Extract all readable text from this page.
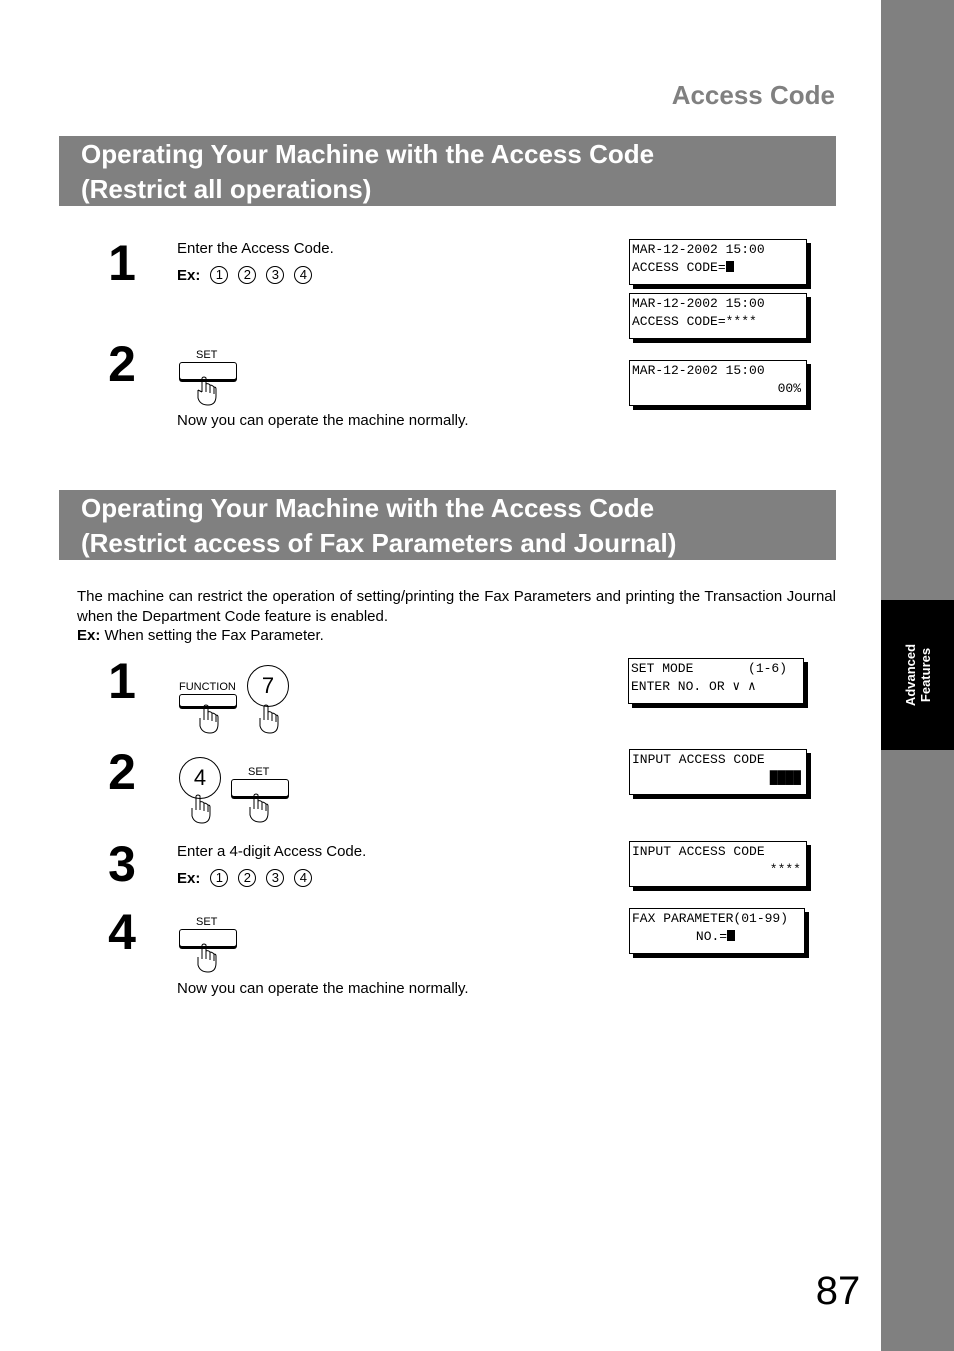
Advanced
Features
87
Access Code
Operating Your Machine with the Access Code
(Restrict all operations)
1	Enter the Access Code.
Ex:	1	2	3	4
MAR-12-2002 15:00
ACCESS CODE=
MAR-12-2002 15:00
ACCESS CODE=****
2	SET
MAR-12-2002 15:00
00%
Now you can operate the machine normally.
Operating Your Machine with the Access Code
(Restrict access of Fax Parameters and Journal)
The machine can restrict the operation of setting/printing the Fax Parameters and printing the Transaction Journal when the Department Code feature is enabled.
Ex: When setting the Fax Parameter.
1	FUNCTION	7
SET MODE       (1-6)
ENTER NO. OR ∨ ∧
2	4	SET
INPUT ACCESS CODE
████
3	Enter a 4-digit Access Code.
Ex:	1	2	3	4
INPUT ACCESS CODE
****
4	SET	FAX PARAMETER(01-99)
NO.=
Now you can operate the machine normally.
